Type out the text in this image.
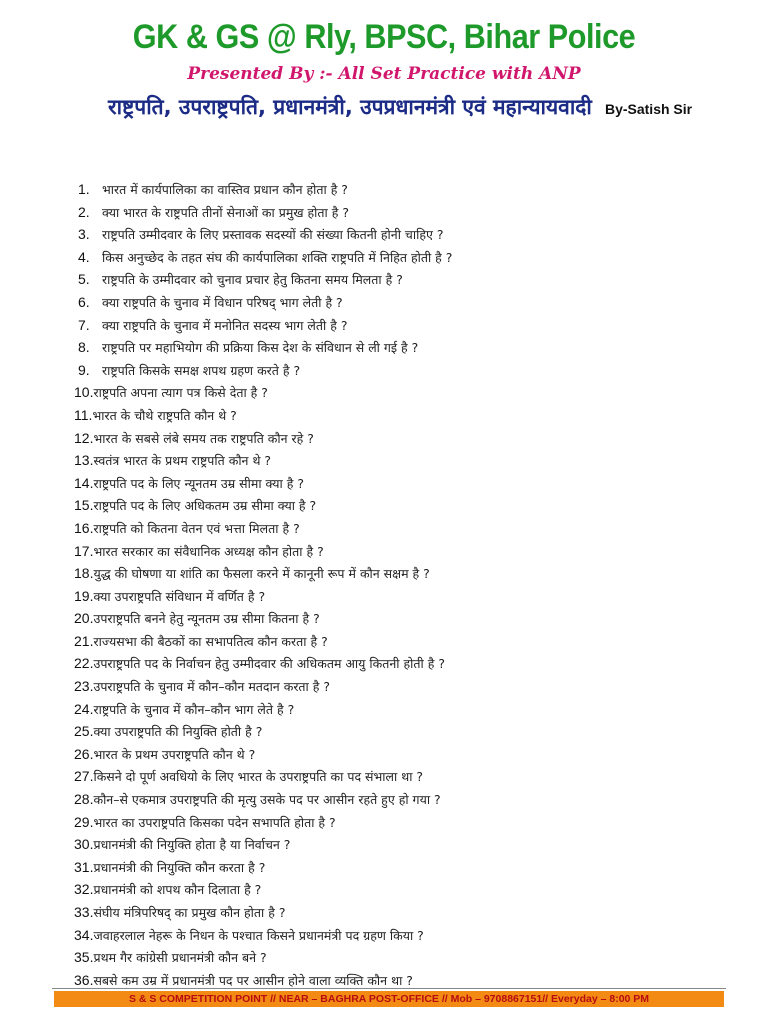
GK & GS @ Rly, BPSC, Bihar Police
Presented By :- All Set Practice with ANP
राष्ट्रपति, उपराष्ट्रपति, प्रधानमंत्री, उपप्रधानमंत्री एवं महान्यायवादी By-Satish Sir
1. भारत में कार्यपालिका का वास्तिव प्रधान कौन होता है ?
2. क्या भारत के राष्ट्रपति तीनों सेनाओं का प्रमुख होता है ?
3. राष्ट्रपति उम्मीदवार के लिए प्रस्तावक सदस्यों की संख्या कितनी होनी चाहिए ?
4. किस अनुच्छेद के तहत संघ की कार्यपालिका शक्ति राष्ट्रपति में निहित होती है ?
5. राष्ट्रपति के उम्मीदवार को चुनाव प्रचार हेतु कितना समय मिलता है ?
6. क्या राष्ट्रपति के चुनाव में विधान परिषद् भाग लेती है ?
7. क्या राष्ट्रपति के चुनाव में मनोनित सदस्य भाग लेती है ?
8. राष्ट्रपति पर महाभियोग की प्रक्रिया किस देश के संविधान से ली गई है ?
9. राष्ट्रपति किसके समक्ष शपथ ग्रहण करते है ?
10.राष्ट्रपति अपना त्याग पत्र किसे देता है ?
11.भारत के चौथे राष्ट्रपति कौन थे ?
12.भारत के सबसे लंबे समय तक राष्ट्रपति कौन रहे ?
13.स्वतंत्र भारत के प्रथम राष्ट्रपति कौन थे ?
14.राष्ट्रपति पद के लिए न्यूनतम उम्र सीमा क्या है ?
15.राष्ट्रपति पद के लिए अधिकतम उम्र सीमा क्या है ?
16.राष्ट्रपति को कितना वेतन एवं भत्ता मिलता है ?
17.भारत सरकार का संवैधानिक अध्यक्ष कौन होता है ?
18.युद्ध की घोषणा या शांति का फैसला करने में कानूनी रूप में कौन सक्षम है ?
19.क्या उपराष्ट्रपति संविधान में वर्णित है ?
20.उपराष्ट्रपति बनने हेतु न्यूनतम उम्र सीमा कितना है ?
21.राज्यसभा की बैठकों का सभापतित्व कौन करता है ?
22.उपराष्ट्रपति पद के निर्वाचन हेतु उम्मीदवार की अधिकतम आयु कितनी होती है ?
23.उपराष्ट्रपति के चुनाव में कौन–कौन मतदान करता है ?
24.राष्ट्रपति के चुनाव में कौन–कौन भाग लेते है ?
25.क्या उपराष्ट्रपति की नियुक्ति होती है ?
26.भारत के प्रथम उपराष्ट्रपति कौन थे ?
27.किसने दो पूर्ण अवधियो के लिए भारत के उपराष्ट्रपति का पद संभाला था ?
28.कौन–से एकमात्र उपराष्ट्रपति की मृत्यु उसके पद पर आसीन रहते हुए हो गया ?
29.भारत का उपराष्ट्रपति किसका पदेन सभापति होता है ?
30.प्रधानमंत्री की नियुक्ति होता है या निर्वाचन ?
31.प्रधानमंत्री की नियुक्ति कौन करता है ?
32.प्रधानमंत्री को शपथ कौन दिलाता है ?
33.संघीय मंत्रिपरिषद् का प्रमुख कौन होता है ?
34.जवाहरलाल नेहरू के निधन के पश्चात किसने प्रधानमंत्री पद ग्रहण किया ?
35.प्रथम गैर कांग्रेसी प्रधानमंत्री कौन बने ?
36.सबसे कम उम्र में प्रधानमंत्री पद पर आसीन होने वाला व्यक्ति कौन था ?
S & S COMPETITION POINT // NEAR – BAGHRA POST-OFFICE // Mob – 9708867151// Everyday – 8:00 PM
